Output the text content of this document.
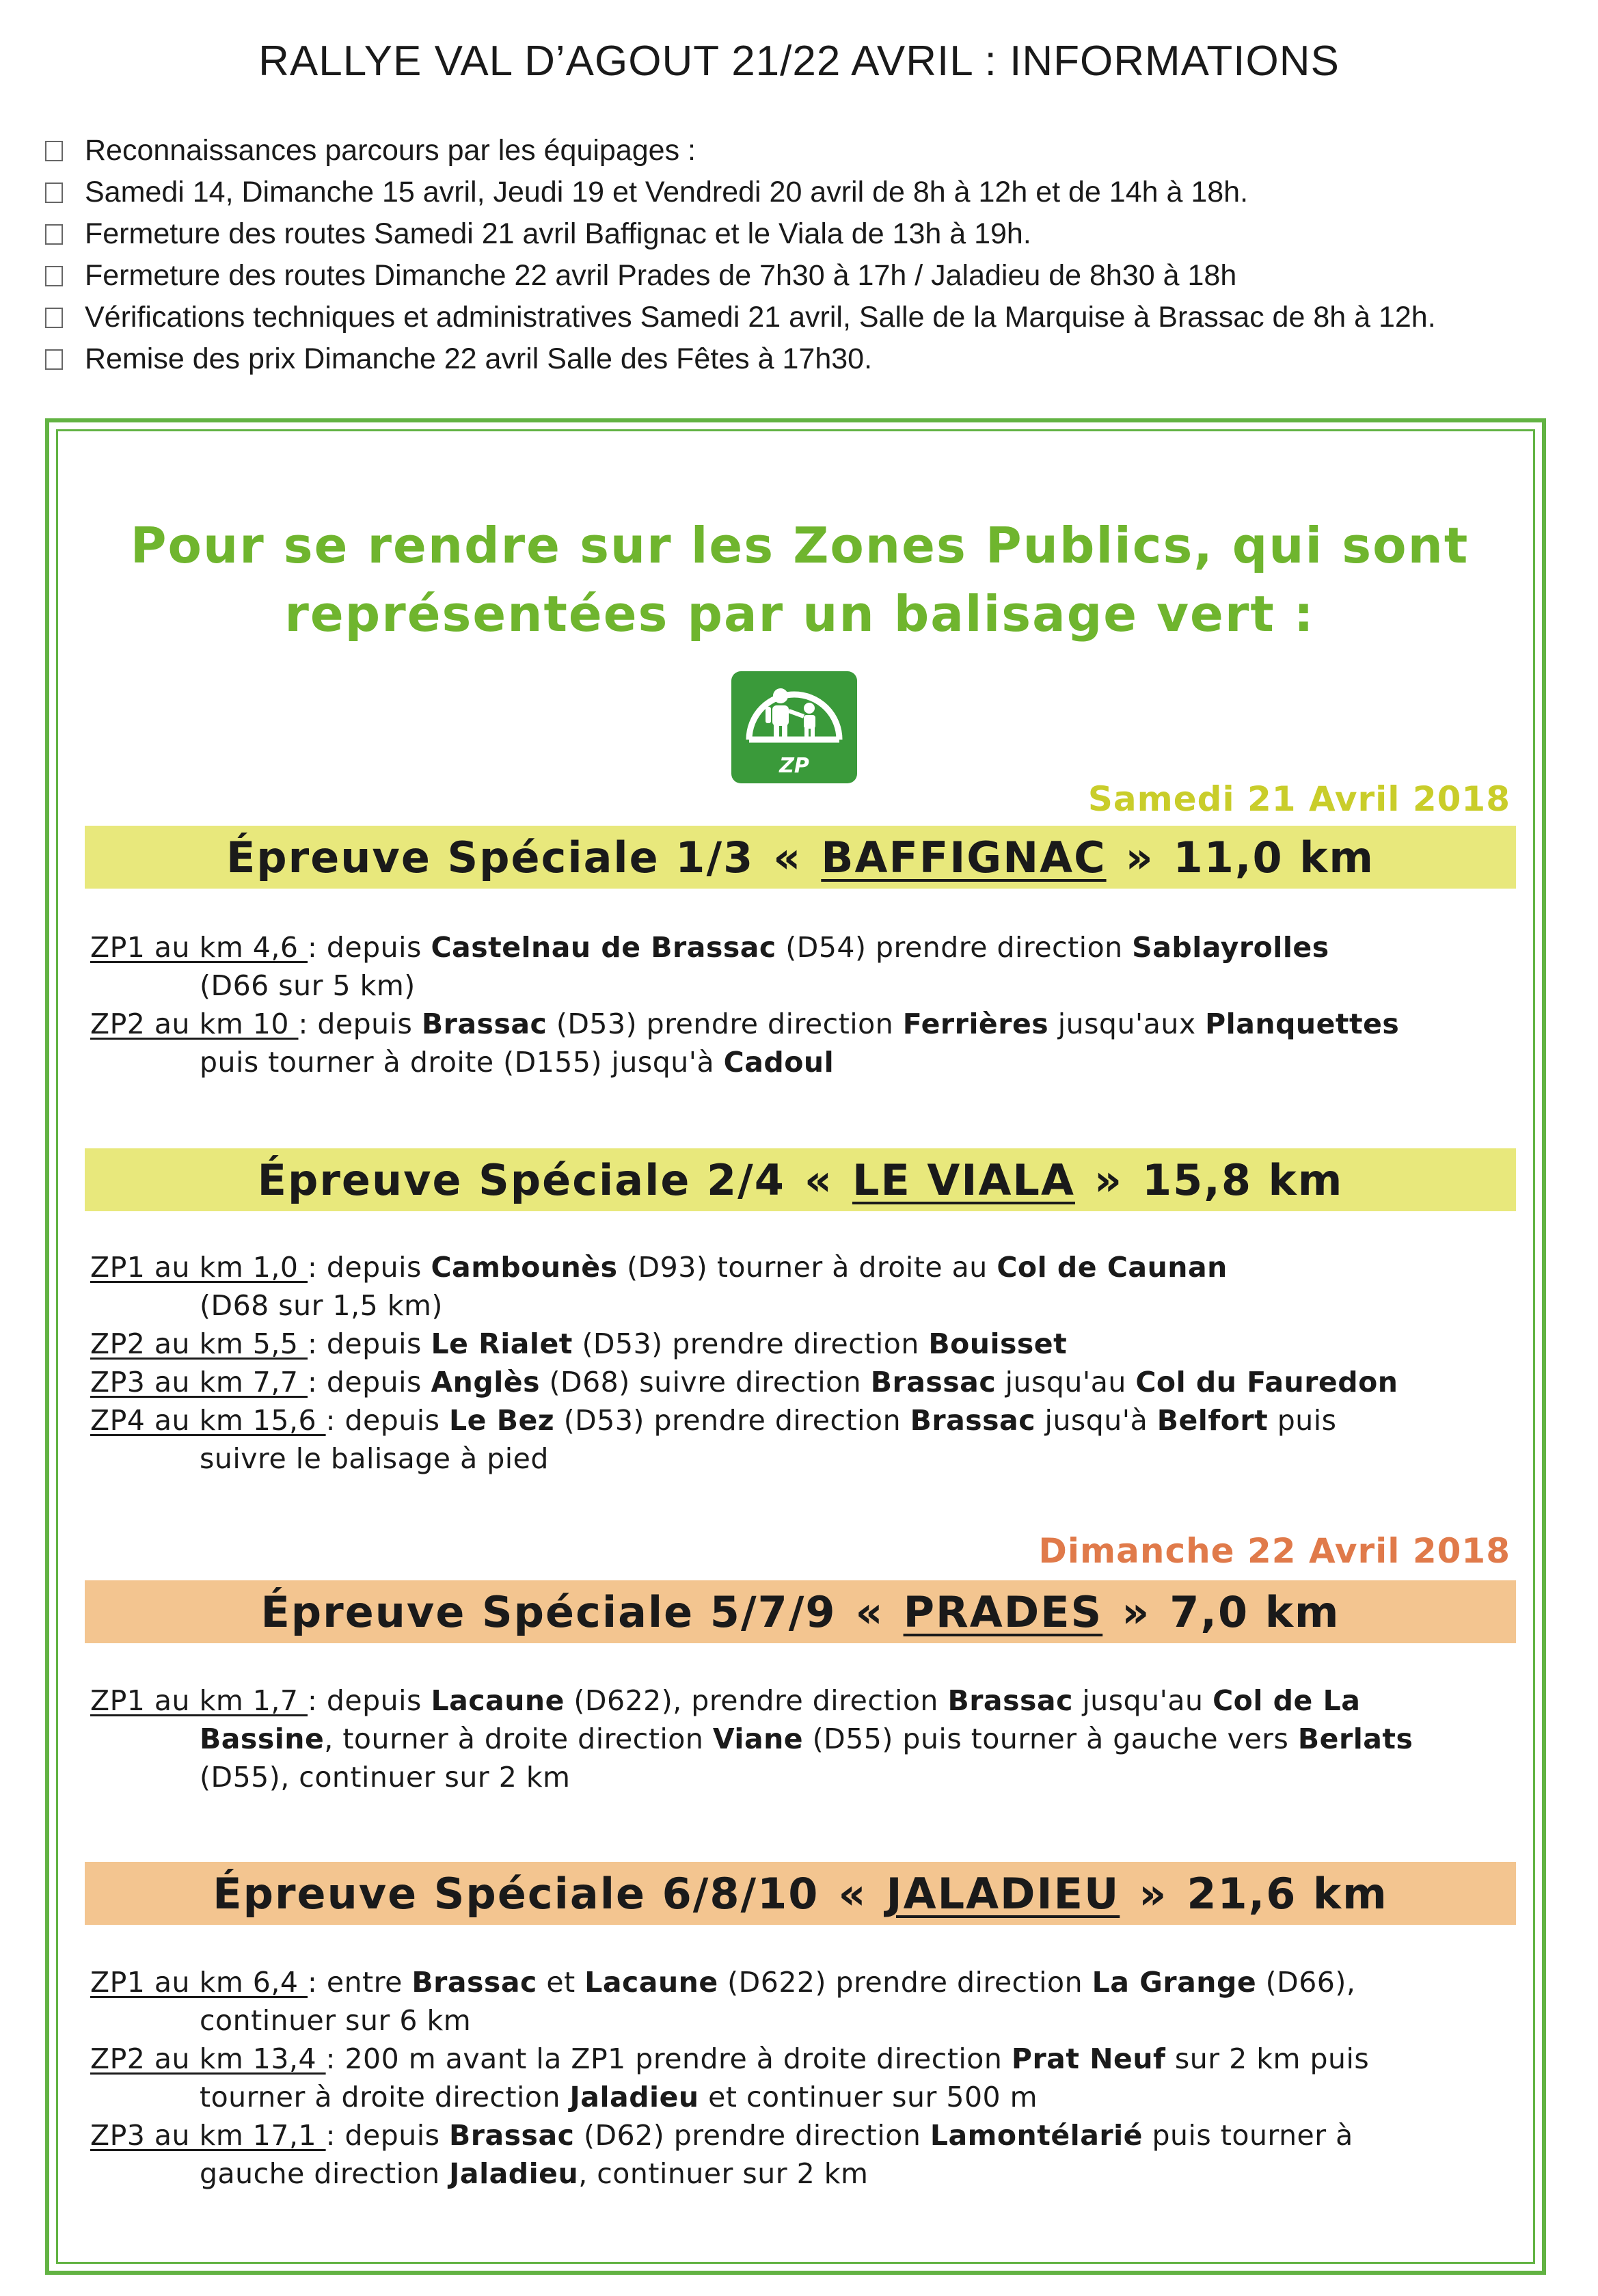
RALLYE VAL D’AGOUT 21/22 AVRIL : INFORMATIONS
Reconnaissances parcours par les équipages :
Samedi 14, Dimanche 15 avril, Jeudi 19 et Vendredi 20 avril de 8h à 12h et de 14h à 18h.
Fermeture des routes Samedi 21 avril Baffignac et le Viala de 13h à 19h.
Fermeture des routes Dimanche 22 avril Prades de 7h30 à 17h / Jaladieu de 8h30 à 18h
Vérifications techniques et administratives Samedi 21 avril, Salle de la Marquise à Brassac de 8h à 12h.
Remise des prix Dimanche 22 avril Salle des Fêtes à 17h30.
Pour se rendre sur les Zones Publics, qui sont
représentées par un balisage vert :
ZP
Samedi 21 Avril 2018
Épreuve Spéciale 1/3 « BAFFIGNAC » 11,0 km
ZP1 au km 4,6 : depuis Castelnau de Brassac (D54) prendre direction Sablayrolles
(D66 sur 5 km)
ZP2 au km 10 : depuis Brassac (D53) prendre direction Ferrières jusqu'aux Planquettes
puis tourner à droite (D155) jusqu'à Cadoul
Épreuve Spéciale 2/4 « LE VIALA » 15,8 km
ZP1 au km 1,0 : depuis Cambounès (D93) tourner à droite au Col de Caunan
(D68 sur 1,5 km)
ZP2 au km 5,5 : depuis Le Rialet (D53) prendre direction Bouisset
ZP3 au km 7,7 : depuis Anglès (D68) suivre direction Brassac jusqu'au Col du Fauredon
ZP4 au km 15,6 : depuis Le Bez (D53) prendre direction Brassac jusqu'à Belfort puis
suivre le balisage à pied
Dimanche 22 Avril 2018
Épreuve Spéciale 5/7/9 « PRADES » 7,0 km
ZP1 au km 1,7 : depuis Lacaune (D622), prendre direction Brassac jusqu'au Col de La
Bassine, tourner à droite direction Viane (D55) puis tourner à gauche vers Berlats
(D55), continuer sur 2 km
Épreuve Spéciale 6/8/10 « JALADIEU » 21,6 km
ZP1 au km 6,4 : entre Brassac et Lacaune (D622) prendre direction La Grange (D66),
continuer sur 6 km
ZP2 au km 13,4 : 200 m avant la ZP1 prendre à droite direction Prat Neuf sur 2 km puis
tourner à droite direction Jaladieu et continuer sur 500 m
ZP3 au km 17,1 : depuis Brassac (D62) prendre direction Lamontélarié puis tourner à
gauche direction Jaladieu, continuer sur 2 km
